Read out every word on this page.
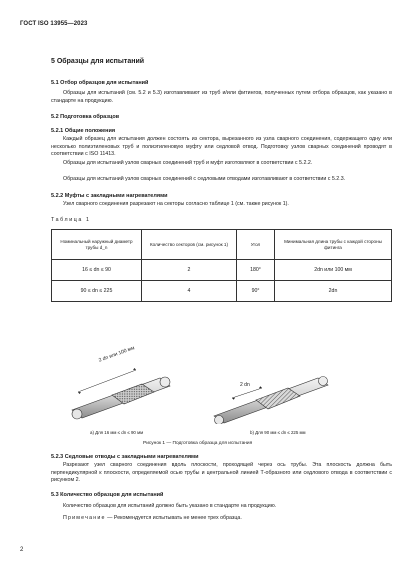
ГОСТ ISO 13955—2023
5 Образцы для испытаний
5.1 Отбор образцов для испытаний
Образцы для испытаний (см. 5.2 и 5.3) изготавливают из труб и/или фитингов, полученных путем отбора образцов, как указано в стандарте на продукцию.
5.2 Подготовка образцов
5.2.1 Общие положения
Каждый образец для испытания должен состоять из сектора, вырезанного из узла сварного соединения, содержащего одну или несколько полиэтиленовых труб и полиэтиленовую муфту или седловой отвод. Подготовку узлов сварных соединений проводят в соответствии с ISO 11413.
Образцы для испытаний узлов сварных соединений труб и муфт изготовляют в соответствии с 5.2.2.
Образцы для испытаний узлов сварных соединений с седловыми отводами изготавливают в соответствии с 5.2.3.
5.2.2 Муфты с закладными нагревателями
Узел сварного соединения разрезают на секторы согласно таблице 1 (см. также рисунок 1).
Таблица 1
Номинальный наружный диаметр трубы d_n	Количество секторов (см. рисунок 1)	Угол	Минимальная длина трубы с каждой стороны фитинга
16 ≤ dn ≤ 90	2	180°	2dn или 100 мм
90 ≤ dn ≤ 225	4	90°	2dn
2 dn или 100 мм
2 dn
a) Для 16 мм ≤ dn ≤ 90 мм	b) Для 90 мм ≤ dn ≤ 225 мм
Рисунок 1 — Подготовка образца для испытания
5.2.3 Седловые отводы с закладными нагревателями
Разрезают узел сварного соединения вдоль плоскости, проходящей через ось трубы. Эта плоскость должна быть перпендикулярной к плоскости, определяемой осью трубы и центральной линией Т-образного или седлового отвода в соответствии с рисунком 2.
5.3 Количество образцов для испытаний
Количество образцов для испытаний должно быть указано в стандарте на продукцию.
Примечание — Рекомендуется испытывать не менее трех образца.
2
